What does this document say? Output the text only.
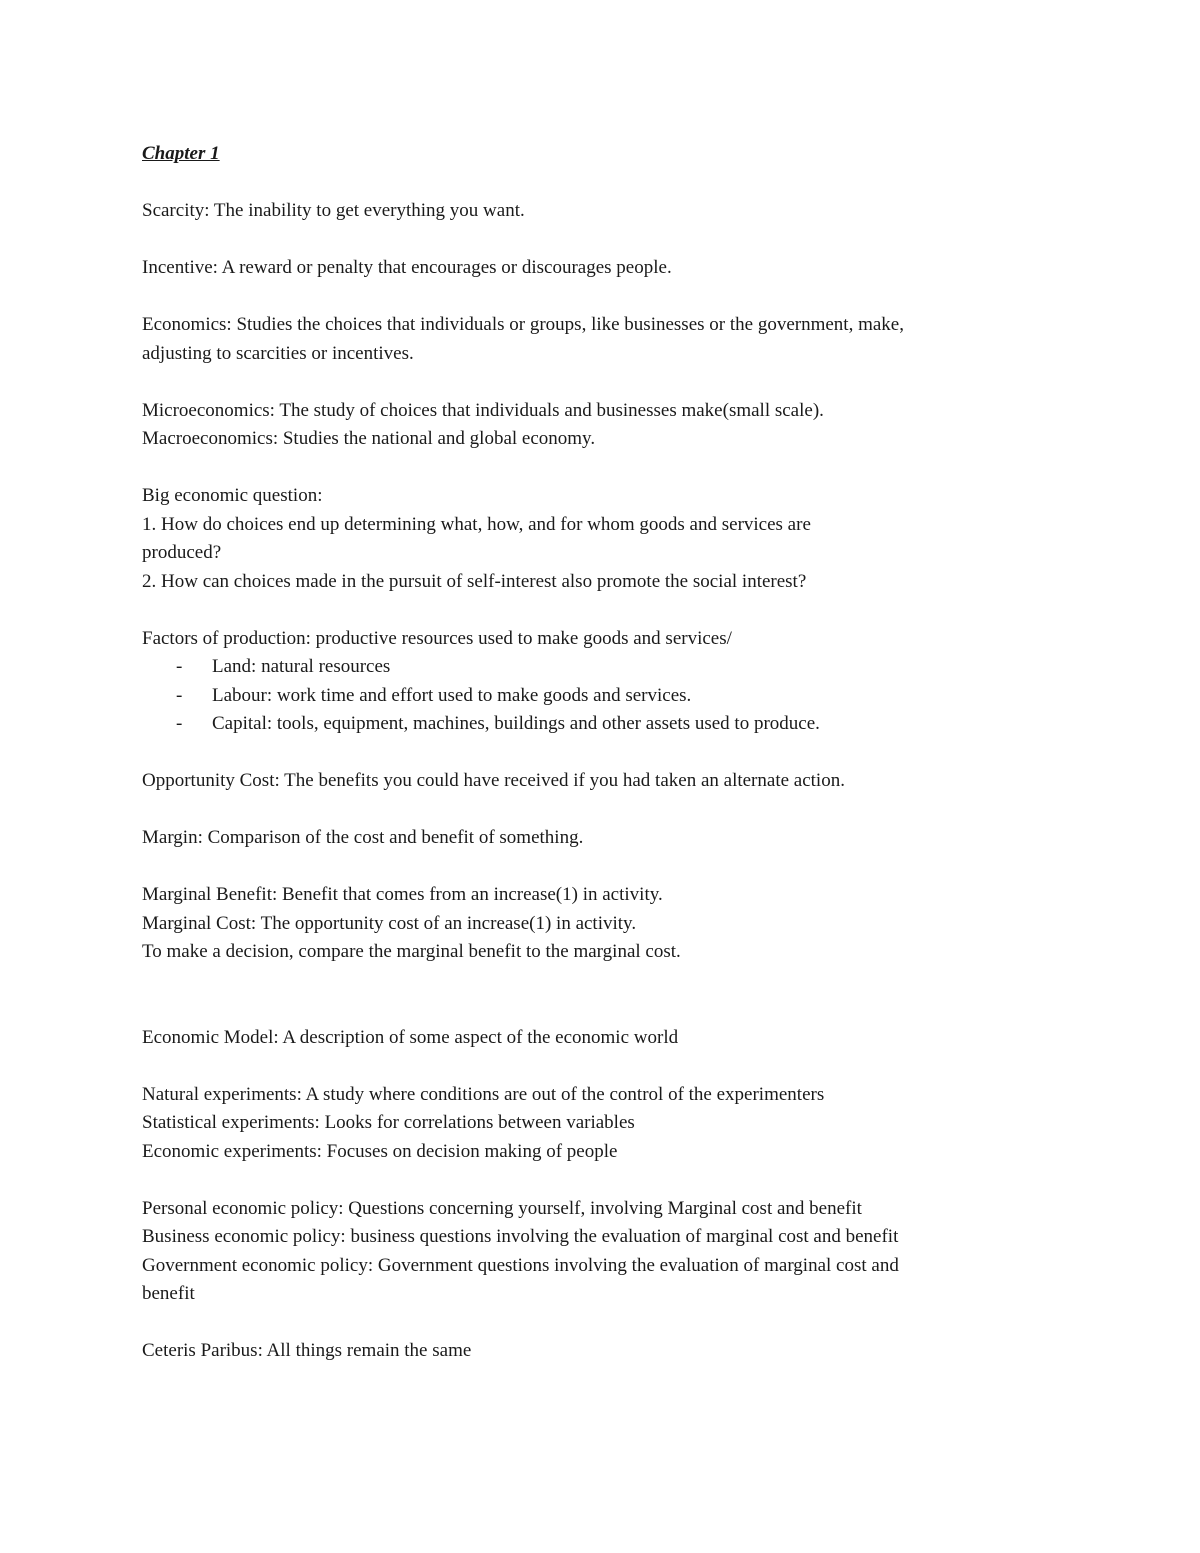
Chapter 1

Scarcity: The inability to get everything you want.

Incentive: A reward or penalty that encourages or discourages people.

Economics: Studies the choices that individuals or groups, like businesses or the government, make,

adjusting to scarcities or incentives.

Microeconomics: The study of choices that individuals and businesses make(small scale).

Macroeconomics: Studies the national and global economy.

Big economic question:

1. How do choices end up determining what, how, and for whom goods and services are

produced?

2. How can choices made in the pursuit of self-interest also promote the social interest?

Factors of production: productive resources used to make goods and services/

- Land: natural resources
- Labour: work time and effort used to make goods and services.
- Capital: tools, equipment, machines, buildings and other assets used to produce.

Opportunity Cost: The benefits you could have received if you had taken an alternate action.

Margin: Comparison of the cost and benefit of something.

Marginal Benefit: Benefit that comes from an increase(1) in activity.

Marginal Cost: The opportunity cost of an increase(1) in activity.

To make a decision, compare the marginal benefit to the marginal cost.

Economic Model: A description of some aspect of the economic world

Natural experiments: A study where conditions are out of the control of the experimenters

Statistical experiments: Looks for correlations between variables

Economic experiments: Focuses on decision making of people

Personal economic policy: Questions concerning yourself, involving Marginal cost and benefit

Business economic policy: business questions involving the evaluation of marginal cost and benefit

Government economic policy: Government questions involving the evaluation of marginal cost and

benefit

Ceteris Paribus: All things remain the same
